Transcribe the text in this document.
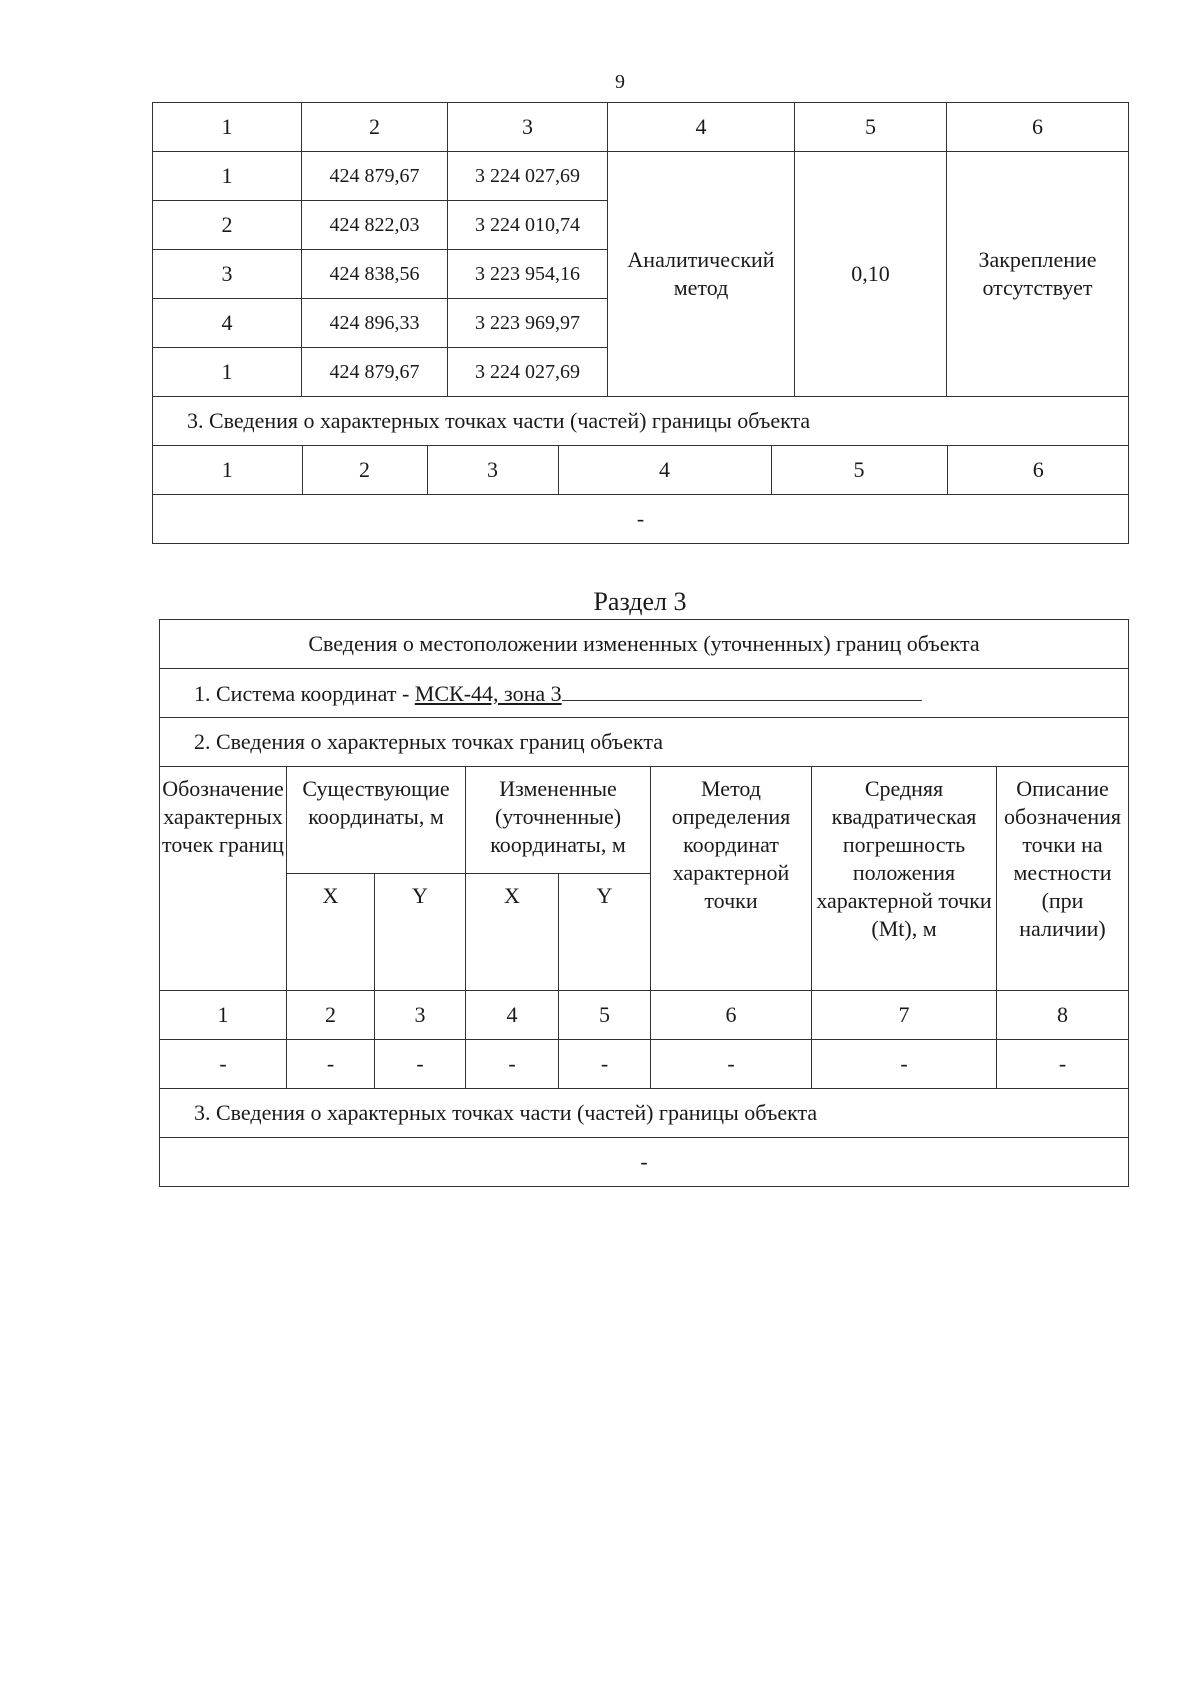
9
1	2	3	4	5	6
1	424 879,67	3 224 027,69	Аналитический метод	0,10	Закрепление отсутствует
2	424 822,03	3 224 010,74
3	424 838,56	3 223 954,16
4	424 896,33	3 223 969,97
1	424 879,67	3 224 027,69
3. Сведения о характерных точках части (частей) границы объекта

1	2	3	4	5	6

-
Раздел 3
Сведения о местоположении измененных (уточненных) границ объекта							
1. Система координат - МСК-44, зона 3							
2. Сведения о характерных точках границ объекта							
Обозначение характерных точек границ	Существующие координаты, м		Измененные (уточненные) координаты, м		Метод определения координат характерной точки	Средняя квадратическая погрешность положения характерной точки (Mt), м	Описание обозначения точки на местности (при наличии)
	X	Y	X	Y			
1	2	3	4	5	6	7	8
-	-	-	-	-	-	-	-
3. Сведения о характерных точках части (частей) границы объекта							
-							
